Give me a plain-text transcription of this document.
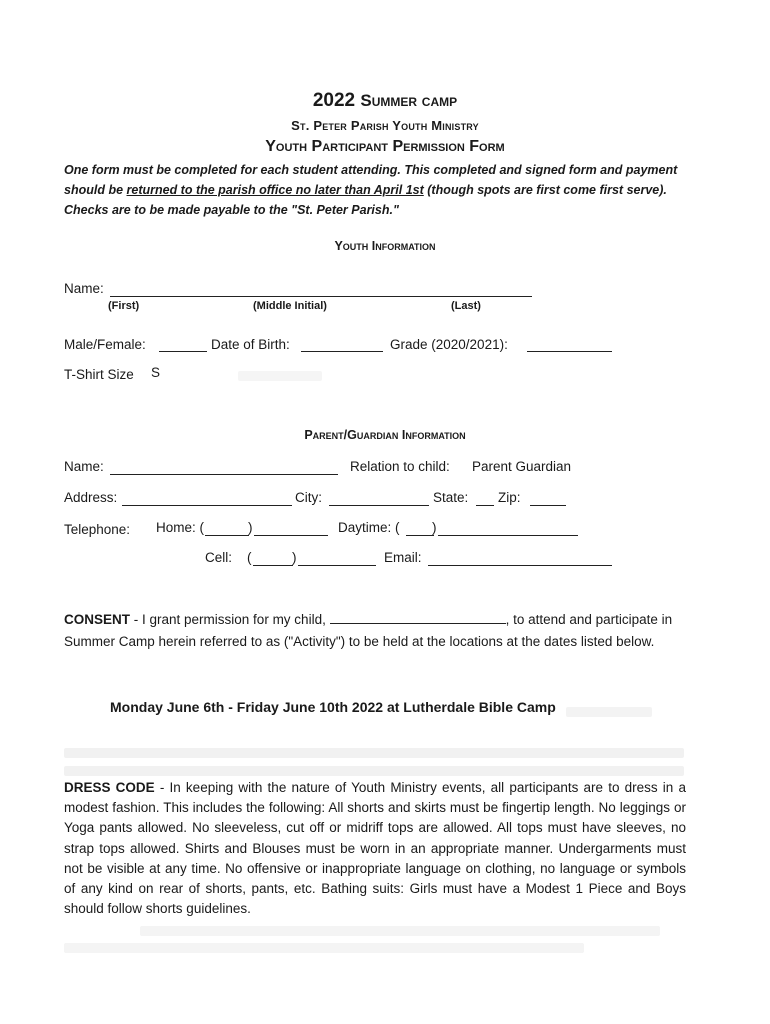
2022 Summer camp
St. Peter Parish Youth Ministry
Youth Participant Permission Form
One form must be completed for each student attending. This completed and signed form and payment should be returned to the parish office no later than April 1st (though spots are first come first serve).
Checks are to be made payable to the "St. Peter Parish."
Youth Information
Name:
(First)	(Middle Initial)	(Last)
Male/Female:	Date of Birth:	Grade (2020/2021):
T-Shirt Size S
Parent/Guardian Information
Name:	Relation to child: Parent Guardian
Address:	City:	State: Zip:
Telephone: Home: (	)	Daytime: ( )
Cell: (	)	Email:
CONSENT - I grant permission for my child,	, to attend and participate in Summer Camp herein referred to as ("Activity") to be held at the locations at the dates listed below.
Monday June 6th - Friday June 10th 2022 at Lutherdale Bible Camp
DRESS CODE - In keeping with the nature of Youth Ministry events, all participants are to dress in a modest fashion. This includes the following: All shorts and skirts must be fingertip length. No leggings or Yoga pants allowed. No sleeveless, cut off or midriff tops are allowed. All tops must have sleeves, no strap tops allowed. Shirts and Blouses must be worn in an appropriate manner. Undergarments must not be visible at any time. No offensive or inappropriate language on clothing, no language or symbols of any kind on rear of shorts, pants, etc. Bathing suits: Girls must have a Modest 1 Piece and Boys should follow shorts guidelines.
